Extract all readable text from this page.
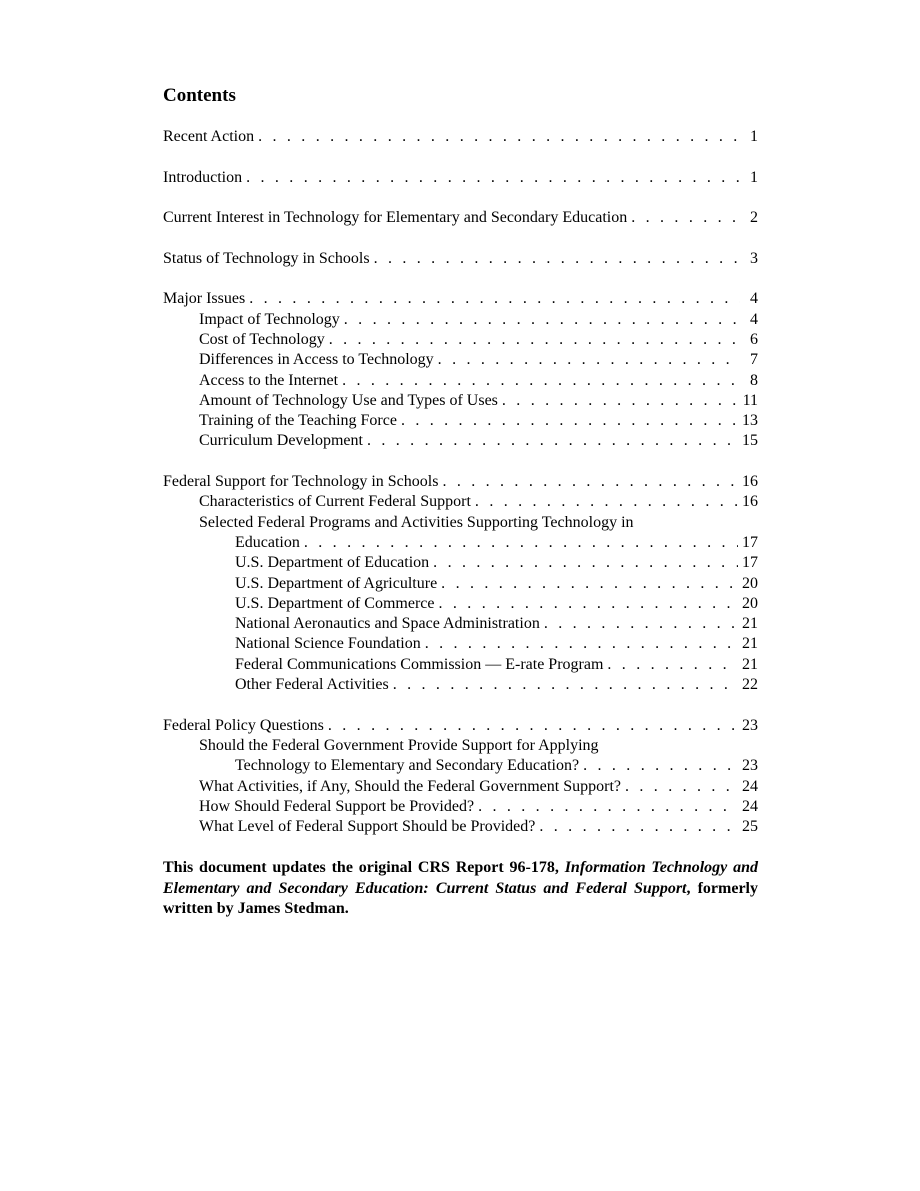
Contents
Recent Action . . .	1
Introduction . . .	1
Current Interest in Technology for Elementary and Secondary Education . . .	2
Status of Technology in Schools . . .	3
Major Issues . . .	4
Impact of Technology . . .	4
Cost of Technology . . .	6
Differences in Access to Technology . . .	7
Access to the Internet . . .	8
Amount of Technology Use and Types of Uses . . .	11
Training of the Teaching Force . . .	13
Curriculum Development . . .	15
Federal Support for Technology in Schools . . .	16
Characteristics of Current Federal Support . . .	16
Selected Federal Programs and Activities Supporting Technology in
Education . . .	17
U.S. Department of Education . . .	17
U.S. Department of Agriculture . . .	20
U.S. Department of Commerce . . .	20
National Aeronautics and Space Administration . . .	21
National Science Foundation . . .	21
Federal Communications Commission — E-rate Program . . .	21
Other Federal Activities . . .	22
Federal Policy Questions . . .	23
Should the Federal Government Provide Support for Applying
Technology to Elementary and Secondary Education? . . .	23
What Activities, if Any, Should the Federal Government Support? . . .	24
How Should Federal Support be Provided? . . .	24
What Level of Federal Support Should be Provided? . . .	25

This document updates the original CRS Report 96-178, Information Technology and Elementary and Secondary Education: Current Status and Federal Support, formerly written by James Stedman.
